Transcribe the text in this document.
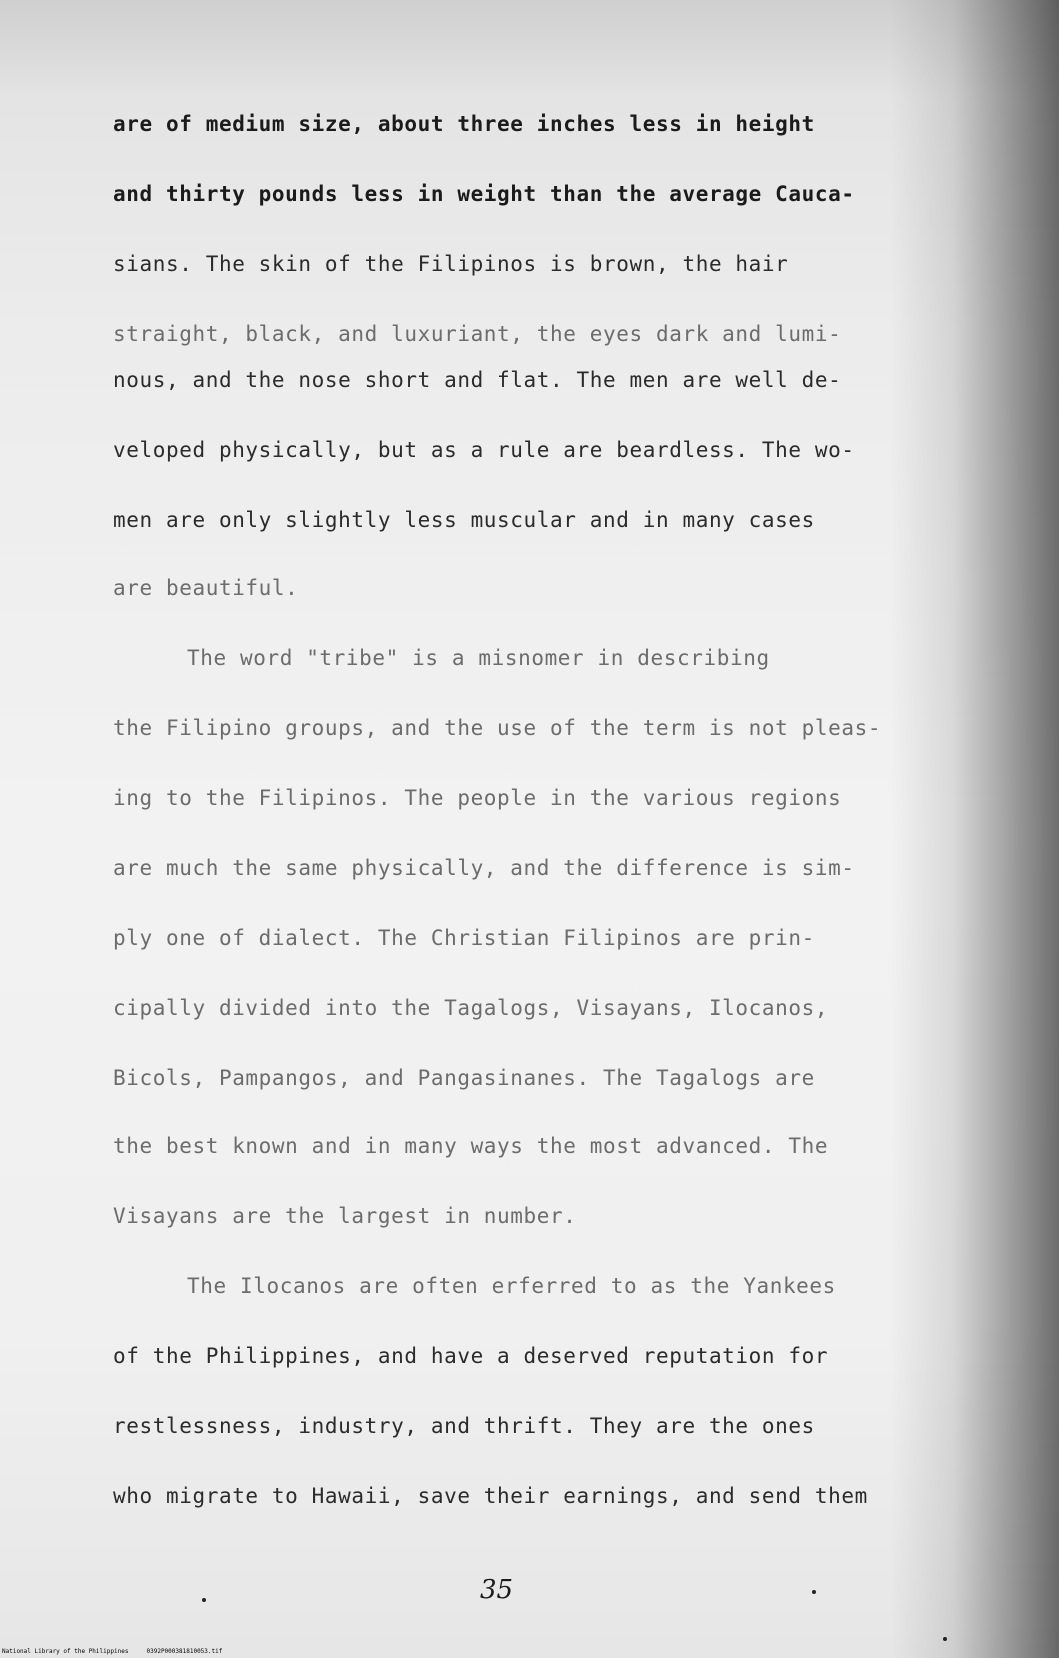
are of medium size, about three inches less in height

and thirty pounds less in weight than the average Cauca-

sians. The skin of the Filipinos is brown, the hair

straight, black, and luxuriant, the eyes dark and lumi-

nous, and the nose short and flat. The men are well de-

veloped physically, but as a rule are beardless. The wo-

men are only slightly less muscular and in many cases

are beautiful.

The word "tribe" is a misnomer in describing

the Filipino groups, and the use of the term is not pleas-

ing to the Filipinos. The people in the various regions

are much the same physically, and the difference is sim-

ply one of dialect. The Christian Filipinos are prin-

cipally divided into the Tagalogs, Visayans, Ilocanos,

Bicols, Pampangos, and Pangasinanes. The Tagalogs are

the best known and in many ways the most advanced. The

Visayans are the largest in number.

The Ilocanos are often erferred to as the Yankees

of the Philippines, and have a deserved reputation for

restlessness, industry, and thrift. They are the ones

who migrate to Hawaii, save their earnings, and send them

35
National Library of the Philippines     0392P000381810053.tif
